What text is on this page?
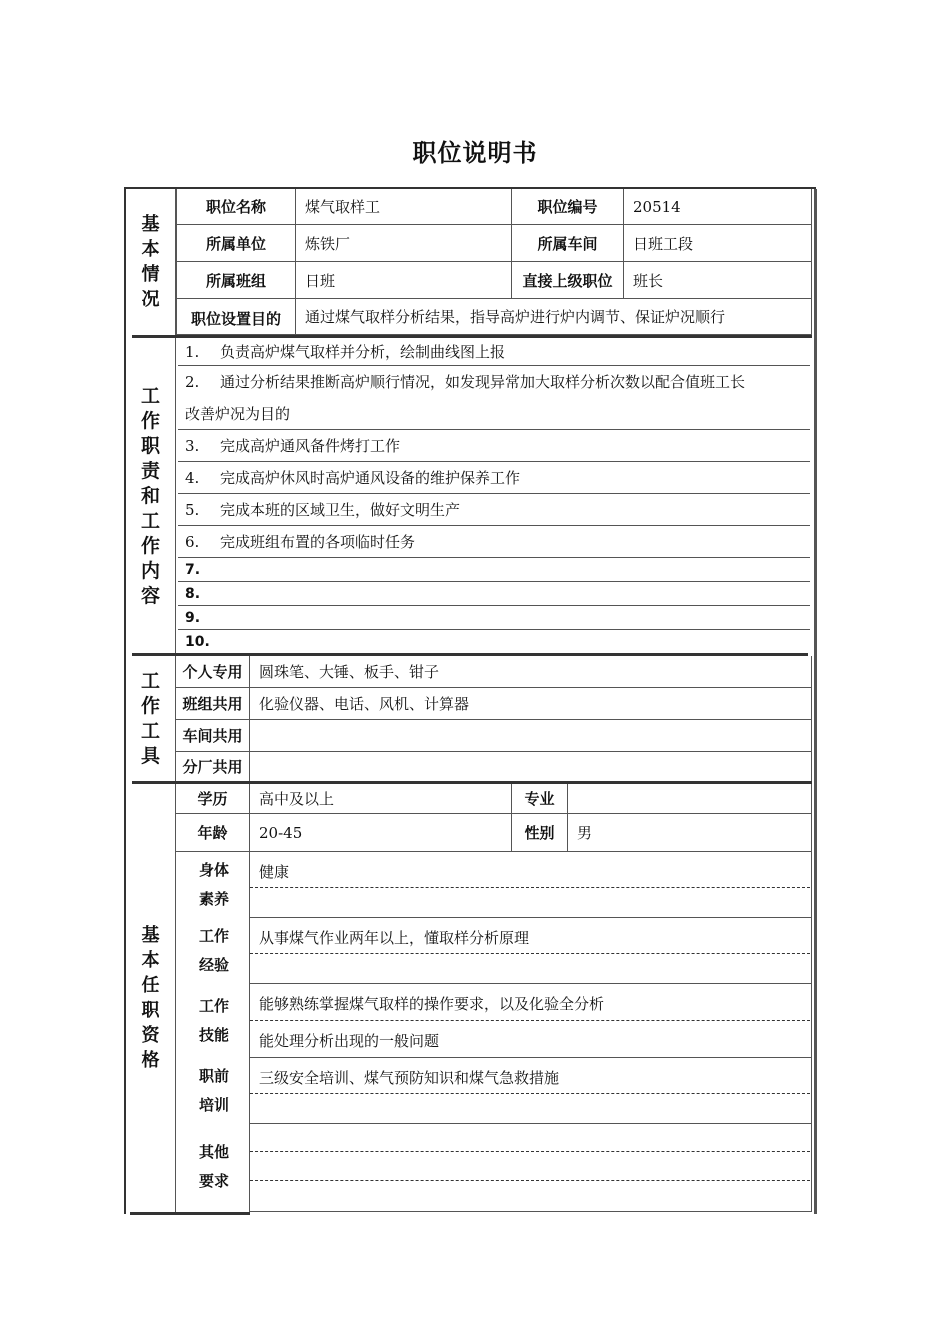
职位说明书
基
本
情
况
职位名称	煤气取样工	职位编号	20514
所属单位	炼铁厂	所属车间	日班工段
所属班组	日班	直接上级职位	班长
职位设置目的	通过煤气取样分析结果，指导高炉进行炉内调节、保证炉况顺行
工
作
职
责
和
工
作
内
容
1.	负责高炉煤气取样并分析，绘制曲线图上报
2. 通过分析结果推断高炉顺行情况，如发现异常加大取样分析次数以配合值班工长
改善炉况为目的
3.	完成高炉通风备件烤打工作
4.	完成高炉休风时高炉通风设备的维护保养工作
5.	完成本班的区域卫生，做好文明生产
6.	完成班组布置的各项临时任务
7.
8.
9.
10.
工
作
工
具
个人专用	圆珠笔、大锤、板手、钳子
班组共用	化验仪器、电话、风机、计算器
车间共用
分厂共用
基
本
任
职
资
格
学历	高中及以上	专业
年龄	20-45	性别	男
身体
素养
健康
工作
经验
从事煤气作业两年以上，懂取样分析原理
工作
技能
能够熟练掌握煤气取样的操作要求，以及化验全分析
能处理分析出现的一般问题
职前
培训
三级安全培训、煤气预防知识和煤气急救措施
其他
要求
